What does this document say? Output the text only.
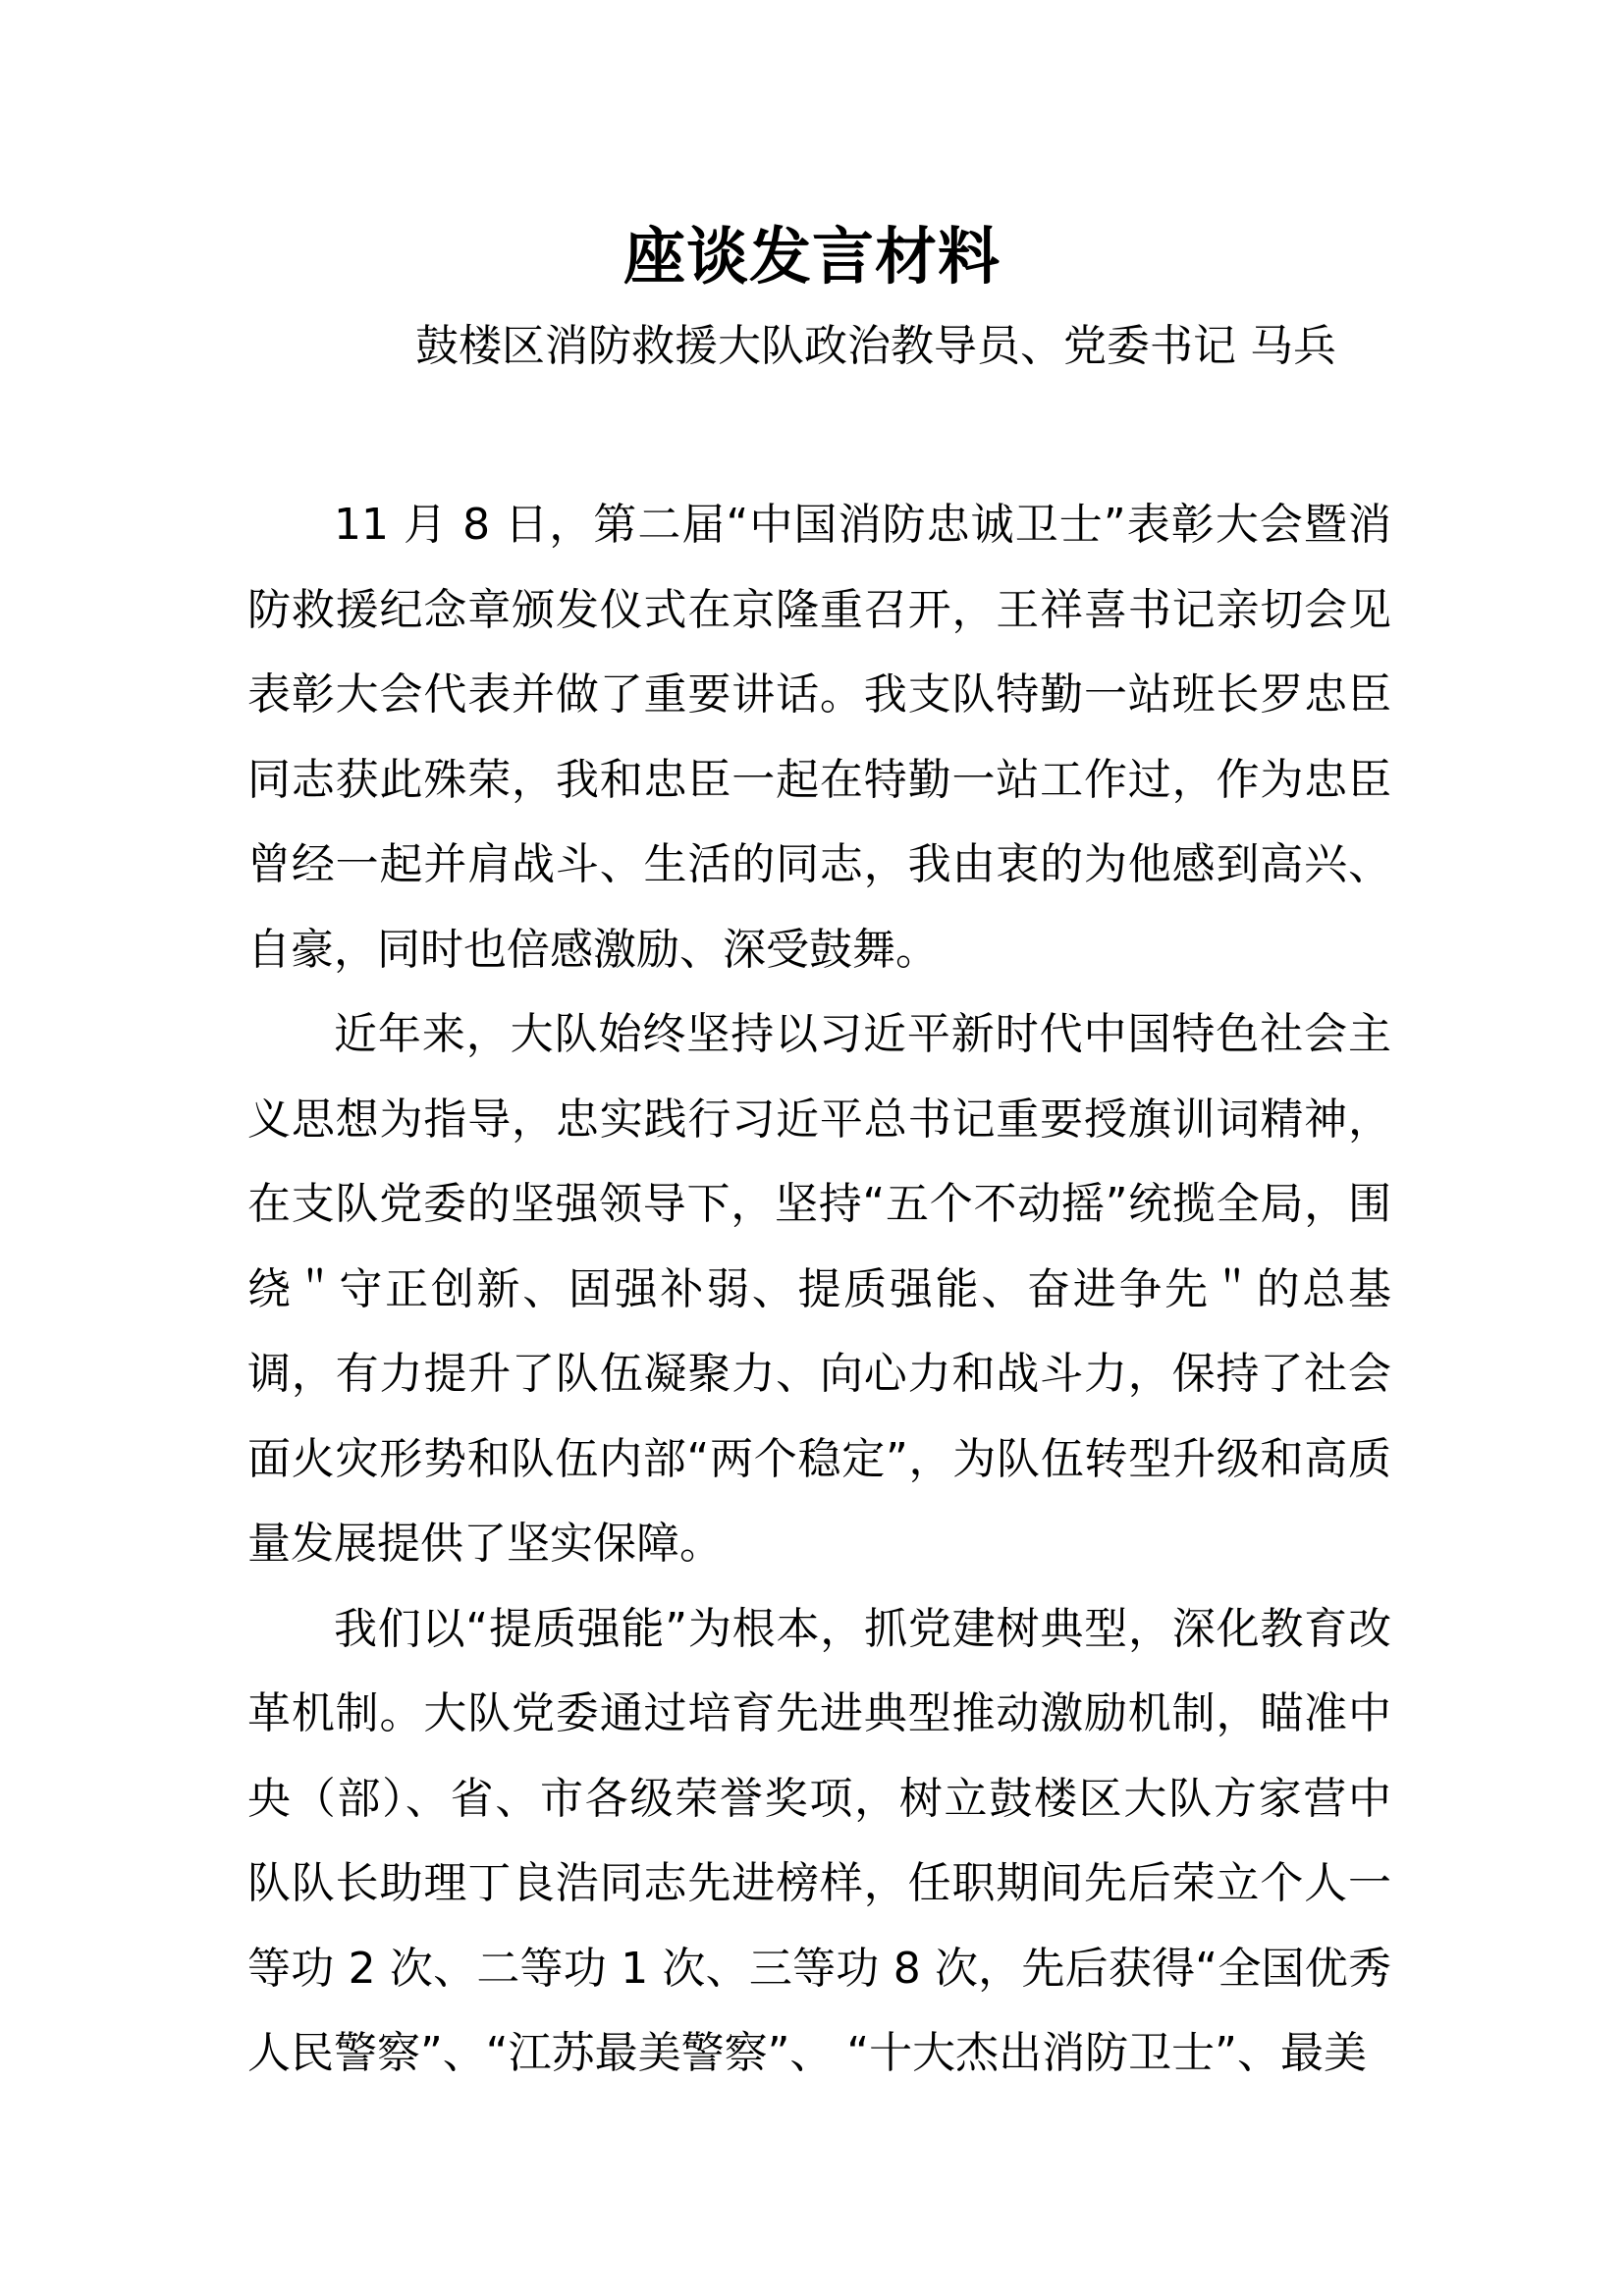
座谈发言材料
鼓楼区消防救援大队政治教导员、党委书记 马兵

11 月 8 日，第二届“中国消防忠诚卫士”表彰大会暨消防救援纪念章颁发仪式在京隆重召开，王祥喜书记亲切会见表彰大会代表并做了重要讲话。我支队特勤一站班长罗忠臣同志获此殊荣，我和忠臣一起在特勤一站工作过，作为忠臣曾经一起并肩战斗、生活的同志，我由衷的为他感到高兴、自豪，同时也倍感激励、深受鼓舞。

近年来，大队始终坚持以习近平新时代中国特色社会主义思想为指导，忠实践行习近平总书记重要授旗训词精神，在支队党委的坚强领导下，坚持“五个不动摇”统揽全局，围绕＂守正创新、固强补弱、提质强能、奋进争先＂的总基调，有力提升了队伍凝聚力、向心力和战斗力，保持了社会面火灾形势和队伍内部“两个稳定”，为队伍转型升级和高质量发展提供了坚实保障。

我们以“提质强能”为根本，抓党建树典型，深化教育改革机制。大队党委通过培育先进典型推动激励机制，瞄准中央（部）、省、市各级荣誉奖项，树立鼓楼区大队方家营中队队长助理丁良浩同志先进榜样，任职期间先后荣立个人一等功 2 次、二等功 1 次、三等功 8 次，先后获得“全国优秀人民警察”、“江苏最美警察”、 “十大杰出消防卫士”、最美
